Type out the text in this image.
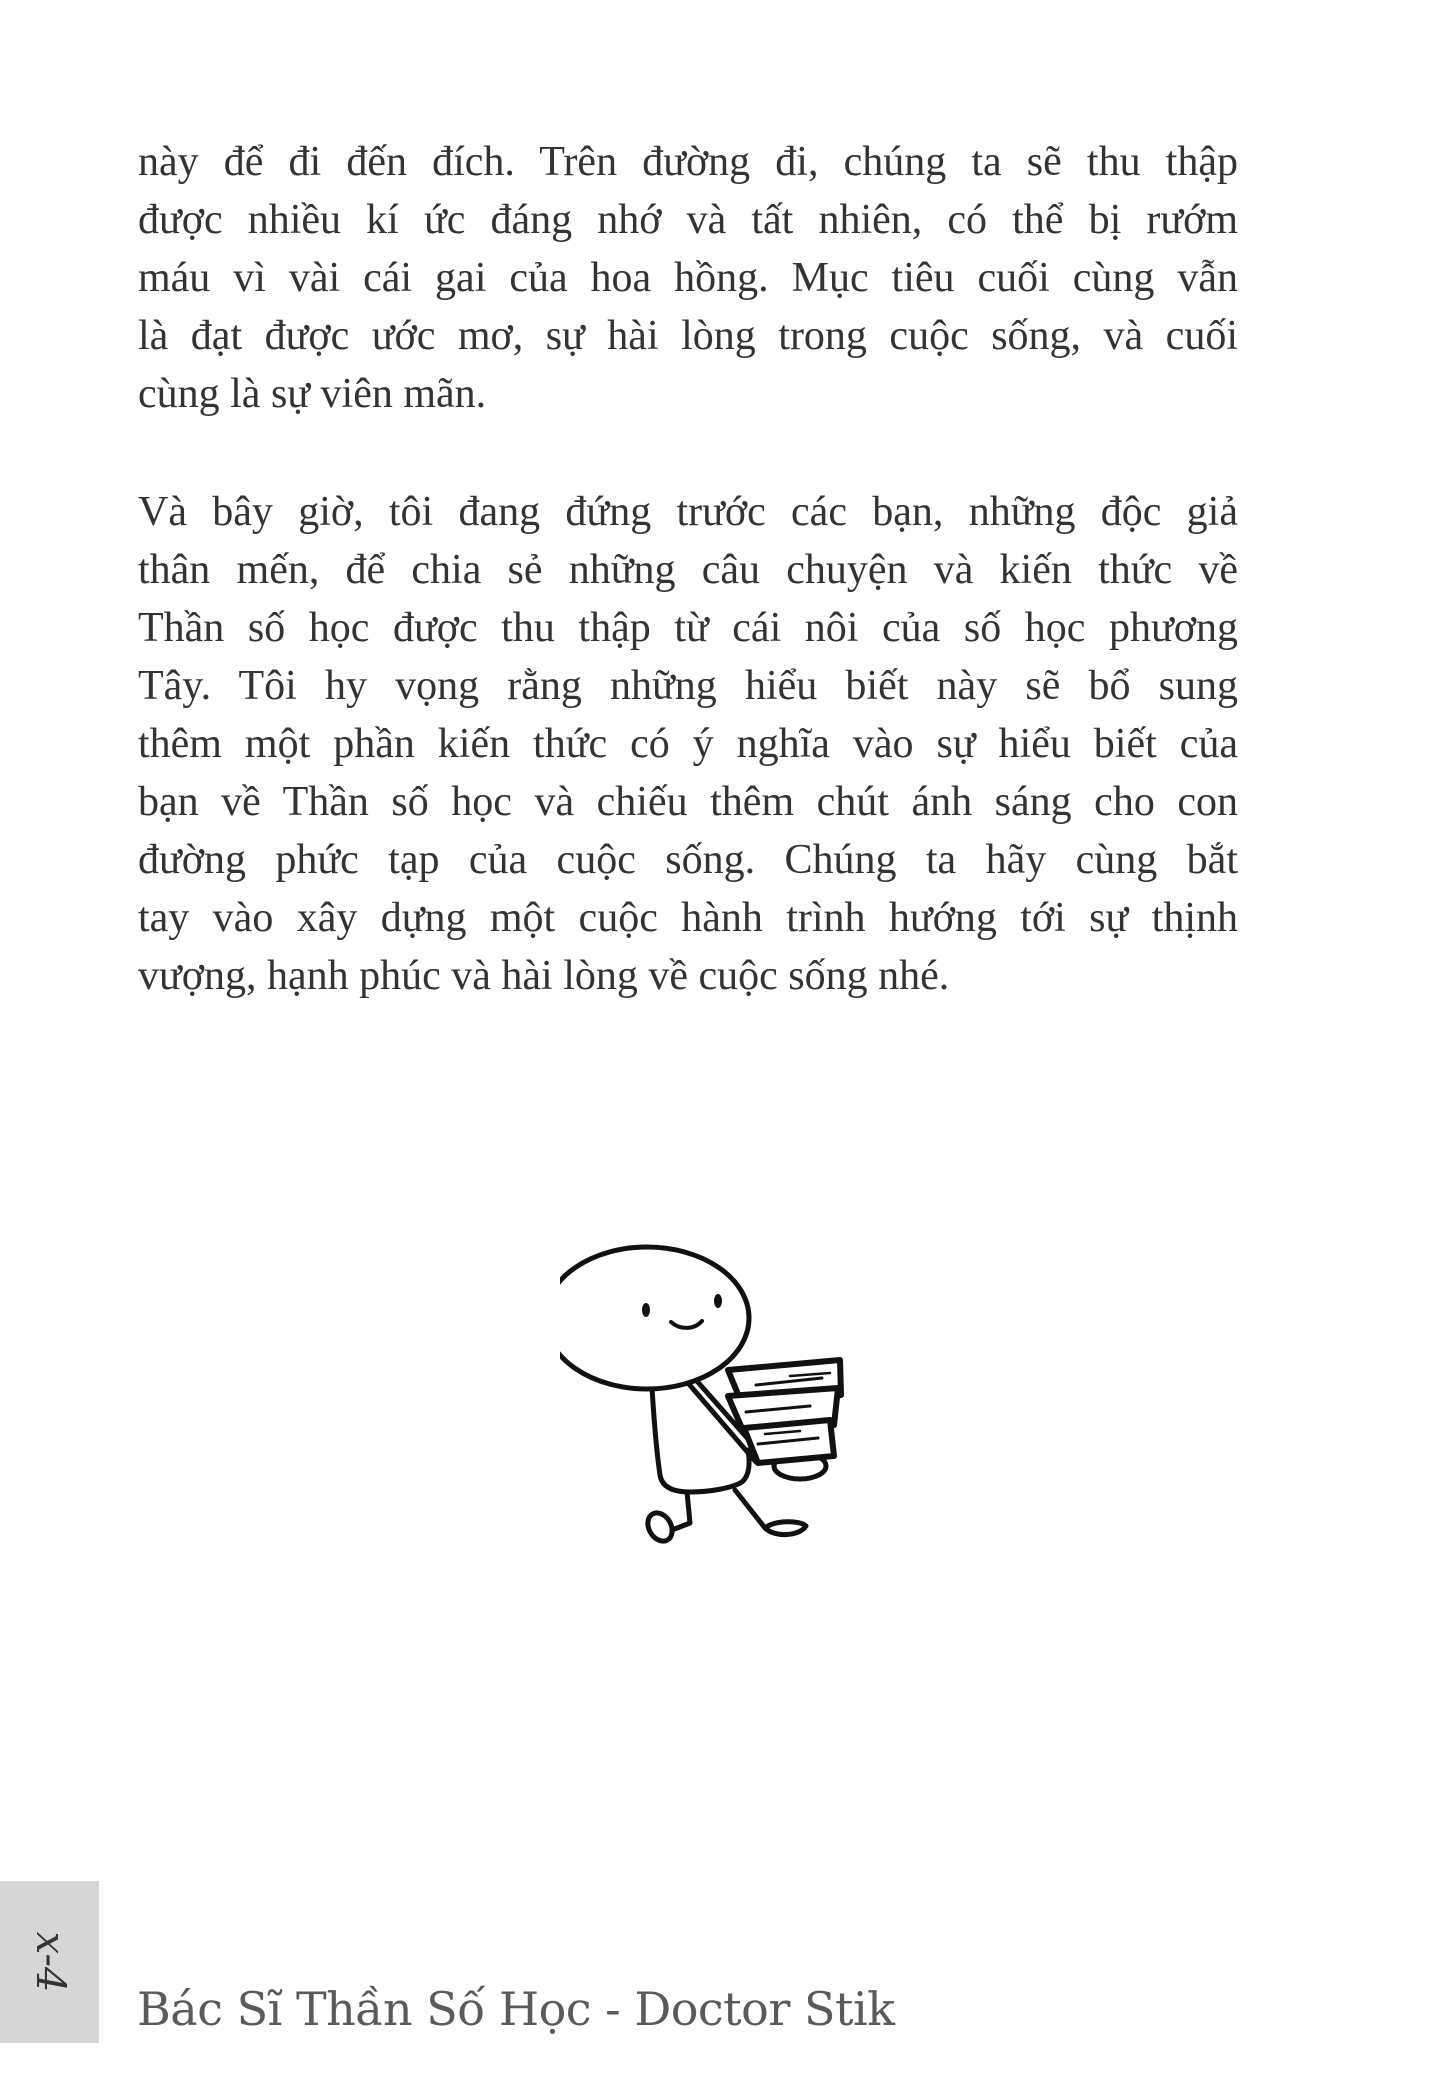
này để đi đến đích. Trên đường đi, chúng ta sẽ thu thập
được nhiều kí ức đáng nhớ và tất nhiên, có thể bị rướm
máu vì vài cái gai của hoa hồng. Mục tiêu cuối cùng vẫn
là đạt được ước mơ, sự hài lòng trong cuộc sống, và cuối
cùng là sự viên mãn.
Và bây giờ, tôi đang đứng trước các bạn, những độc giả
thân mến, để chia sẻ những câu chuyện và kiến thức về
Thần số học được thu thập từ cái nôi của số học phương
Tây. Tôi hy vọng rằng những hiểu biết này sẽ bổ sung
thêm một phần kiến thức có ý nghĩa vào sự hiểu biết của
bạn về Thần số học và chiếu thêm chút ánh sáng cho con
đường phức tạp của cuộc sống. Chúng ta hãy cùng bắt
tay vào xây dựng một cuộc hành trình hướng tới sự thịnh
vượng, hạnh phúc và hài lòng về cuộc sống nhé.
x-4
Bác Sĩ Thần Số Học - Doctor Stik
